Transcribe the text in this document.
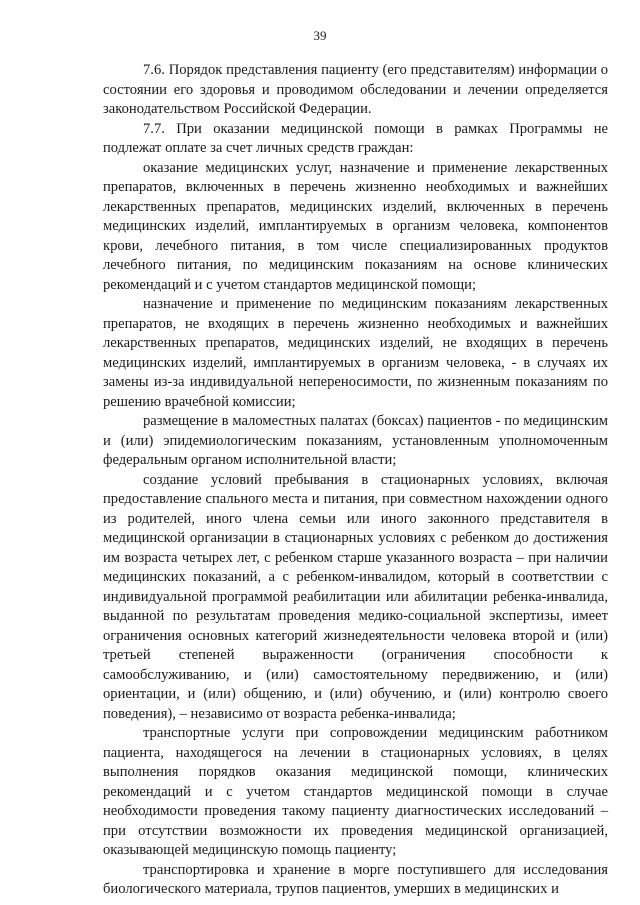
39

7.6. Порядок представления пациенту (его представителям) информации о состоянии его здоровья и проводимом обследовании и лечении определяется законодательством Российской Федерации.

7.7. При оказании медицинской помощи в рамках Программы не подлежат оплате за счет личных средств граждан:

оказание медицинских услуг, назначение и применение лекарственных препаратов, включенных в перечень жизненно необходимых и важнейших лекарственных препаратов, медицинских изделий, включенных в перечень медицинских изделий, имплантируемых в организм человека, компонентов крови, лечебного питания, в том числе специализированных продуктов лечебного питания, по медицинским показаниям на основе клинических рекомендаций и с учетом стандартов медицинской помощи;

назначение и применение по медицинским показаниям лекарственных препаратов, не входящих в перечень жизненно необходимых и важнейших лекарственных препаратов, медицинских изделий, не входящих в перечень медицинских изделий, имплантируемых в организм человека, - в случаях их замены из-за индивидуальной непереносимости, по жизненным показаниям по решению врачебной комиссии;

размещение в маломестных палатах (боксах) пациентов - по медицинским и (или) эпидемиологическим показаниям, установленным уполномоченным федеральным органом исполнительной власти;

создание условий пребывания в стационарных условиях, включая предоставление спального места и питания, при совместном нахождении одного из родителей, иного члена семьи или иного законного представителя в медицинской организации в стационарных условиях с ребенком до достижения им возраста четырех лет, с ребенком старше указанного возраста – при наличии медицинских показаний, а с ребенком-инвалидом, который в соответствии с индивидуальной программой реабилитации или абилитации ребенка-инвалида, выданной по результатам проведения медико-социальной экспертизы, имеет ограничения основных категорий жизнедеятельности человека второй и (или) третьей степеней выраженности (ограничения способности к самообслуживанию, и (или) самостоятельному передвижению, и (или) ориентации, и (или) общению, и (или) обучению, и (или) контролю своего поведения), – независимо от возраста ребенка-инвалида;

транспортные услуги при сопровождении медицинским работником пациента, находящегося на лечении в стационарных условиях, в целях выполнения порядков оказания медицинской помощи, клинических рекомендаций и с учетом стандартов медицинской помощи в случае необходимости проведения такому пациенту диагностических исследований – при отсутствии возможности их проведения медицинской организацией, оказывающей медицинскую помощь пациенту;

транспортировка и хранение в морге поступившего для исследования биологического материала, трупов пациентов, умерших в медицинских и
